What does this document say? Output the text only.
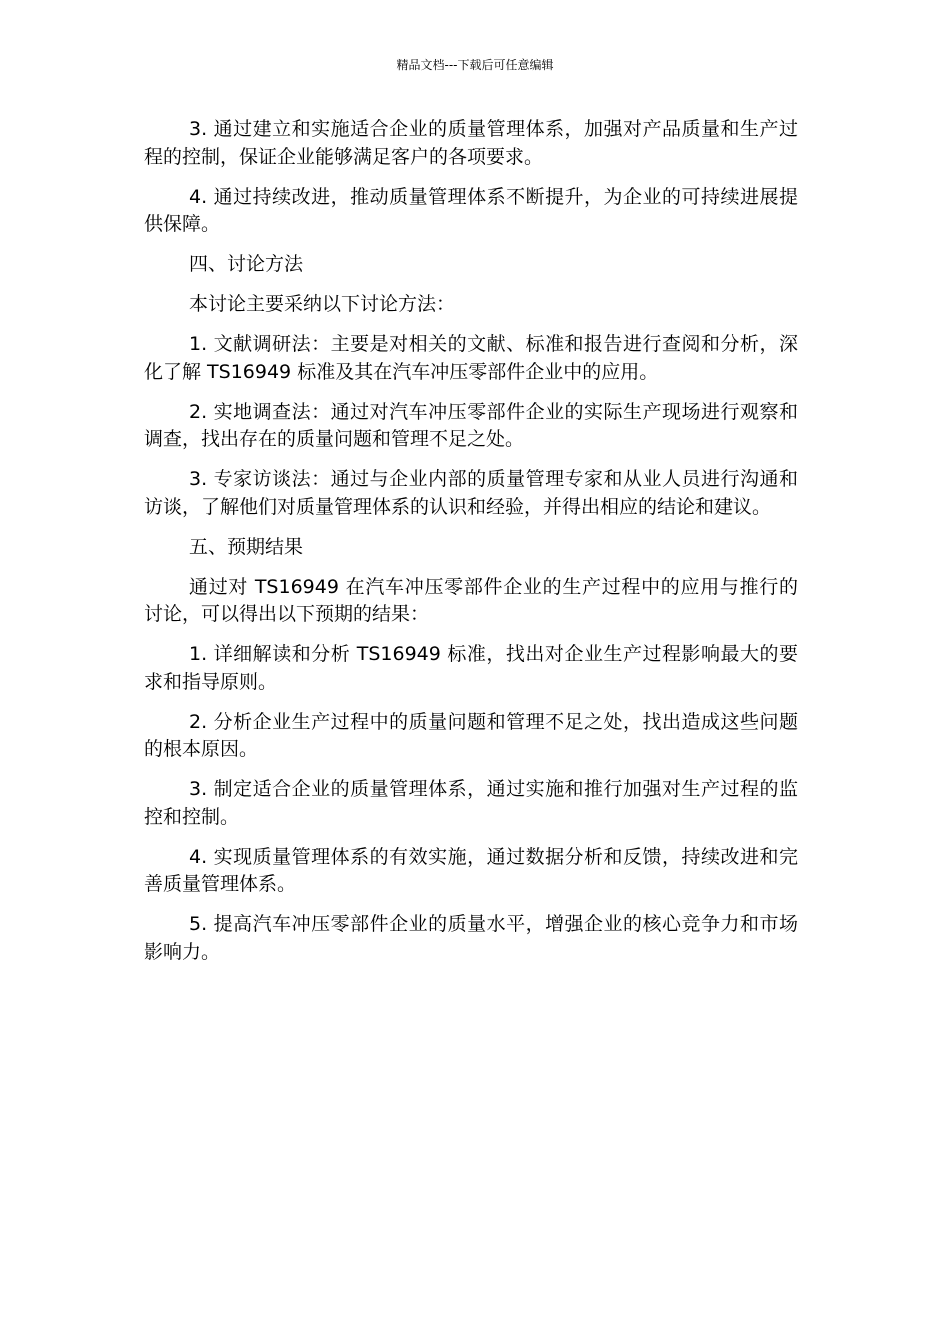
精品文档---下载后可任意编辑

3. 通过建立和实施适合企业的质量管理体系，加强对产品质量和生产过程的控制，保证企业能够满足客户的各项要求。

4. 通过持续改进，推动质量管理体系不断提升，为企业的可持续进展提供保障。

四、讨论方法

本讨论主要采纳以下讨论方法：

1. 文献调研法：主要是对相关的文献、标准和报告进行查阅和分析，深化了解 TS16949 标准及其在汽车冲压零部件企业中的应用。

2. 实地调查法：通过对汽车冲压零部件企业的实际生产现场进行观察和调查，找出存在的质量问题和管理不足之处。

3. 专家访谈法：通过与企业内部的质量管理专家和从业人员进行沟通和访谈，了解他们对质量管理体系的认识和经验，并得出相应的结论和建议。

五、预期结果

通过对 TS16949 在汽车冲压零部件企业的生产过程中的应用与推行的讨论，可以得出以下预期的结果：

1. 详细解读和分析 TS16949 标准，找出对企业生产过程影响最大的要求和指导原则。

2. 分析企业生产过程中的质量问题和管理不足之处，找出造成这些问题的根本原因。

3. 制定适合企业的质量管理体系，通过实施和推行加强对生产过程的监控和控制。

4. 实现质量管理体系的有效实施，通过数据分析和反馈，持续改进和完善质量管理体系。

5. 提高汽车冲压零部件企业的质量水平，增强企业的核心竞争力和市场影响力。
